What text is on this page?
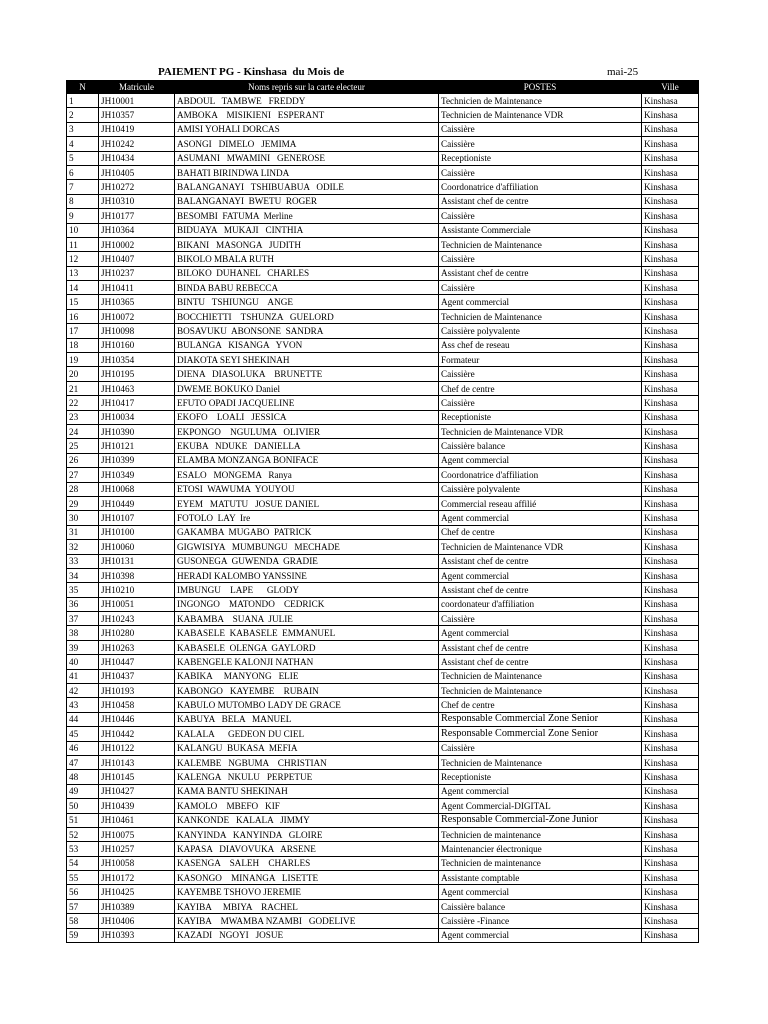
PAIEMENT PG - Kinshasa  du Mois de	mai-25
N	Matricule	Noms repris sur la carte electeur	POSTES	Ville
1	JH10001	ABDOUL   TAMBWE   FREDDY	Technicien de Maintenance	Kinshasa
2	JH10357	AMBOKA    MISIKIENI   ESPERANT	Technicien de Maintenance VDR	Kinshasa
3	JH10419	AMISI YOHALI DORCAS	Caissière	Kinshasa
4	JH10242	ASONGI   DIMELO   JEMIMA	Caissière	Kinshasa
5	JH10434	ASUMANI   MWAMINI   GENEROSE	Receptioniste	Kinshasa
6	JH10405	BAHATI BIRINDWA LINDA	Caissière	Kinshasa
7	JH10272	BALANGANAYI   TSHIBUABUA   ODILE	Coordonatrice d'affiliation	Kinshasa
8	JH10310	BALANGANAYI  BWETU  ROGER	Assistant chef de centre	Kinshasa
9	JH10177	BESOMBI  FATUMA  Merline	Caissière	Kinshasa
10	JH10364	BIDUAYA   MUKAJI   CINTHIA	Assistante Commerciale	Kinshasa
11	JH10002	BIKANI   MASONGA   JUDITH	Technicien de Maintenance	Kinshasa
12	JH10407	BIKOLO MBALA RUTH	Caissière	Kinshasa
13	JH10237	BILOKO  DUHANEL   CHARLES	Assistant chef de centre	Kinshasa
14	JH10411	BINDA BABU REBECCA	Caissière	Kinshasa
15	JH10365	BINTU   TSHIUNGU    ANGE	Agent commercial	Kinshasa
16	JH10072	BOCCHIETTI    TSHUNZA   GUELORD	Technicien de Maintenance	Kinshasa
17	JH10098	BOSAVUKU  ABONSONE  SANDRA	Caissière polyvalente	Kinshasa
18	JH10160	BULANGA   KISANGA   YVON	Ass chef de reseau	Kinshasa
19	JH10354	DIAKOTA SEYI SHEKINAH	Formateur	Kinshasa
20	JH10195	DIENA   DIASOLUKA    BRUNETTE	Caissière	Kinshasa
21	JH10463	DWEME BOKUKO Daniel	Chef de centre	Kinshasa
22	JH10417	EFUTO OPADI JACQUELINE	Caissière	Kinshasa
23	JH10034	EKOFO    LOALI   JESSICA	Receptioniste	Kinshasa
24	JH10390	EKPONGO    NGULUMA   OLIVIER	Technicien de Maintenance VDR	Kinshasa
25	JH10121	EKUBA   NDUKE   DANIELLA	Caissière balance	Kinshasa
26	JH10399	ELAMBA MONZANGA BONIFACE	Agent commercial	Kinshasa
27	JH10349	ESALO   MONGEMA   Ranya	Coordonatrice d'affiliation	Kinshasa
28	JH10068	ETOSI  WAWUMA  YOUYOU	Caissière polyvalente	Kinshasa
29	JH10449	EYEM   MATUTU   JOSUE DANIEL	Commercial reseau affilié	Kinshasa
30	JH10107	FOTOLO  LAY  Ire	Agent commercial	Kinshasa
31	JH10100	GAKAMBA  MUGABO  PATRICK	Chef de centre	Kinshasa
32	JH10060	GIGWISIYA   MUMBUNGU   MECHADE	Technicien de Maintenance VDR	Kinshasa
33	JH10131	GUSONEGA  GUWENDA  GRADIE	Assistant chef de centre	Kinshasa
34	JH10398	HERADI KALOMBO YANSSINE	Agent commercial	Kinshasa
35	JH10210	IMBUNGU    LAPE      GLODY	Assistant chef de centre	Kinshasa
36	JH10051	INGONGO    MATONDO    CEDRICK	coordonateur d'affiliation	Kinshasa
37	JH10243	KABAMBA    SUANA  JULIE	Caissière	Kinshasa
38	JH10280	KABASELE  KABASELE  EMMANUEL	Agent commercial	Kinshasa
39	JH10263	KABASELE  OLENGA  GAYLORD	Assistant chef de centre	Kinshasa
40	JH10447	KABENGELE KALONJI NATHAN	Assistant chef de centre	Kinshasa
41	JH10437	KABIKA     MANYONG   ELIE	Technicien de Maintenance	Kinshasa
42	JH10193	KABONGO   KAYEMBE    RUBAIN	Technicien de Maintenance	Kinshasa
43	JH10458	KABULO MUTOMBO LADY DE GRACE	Chef de centre	Kinshasa
44	JH10446	KABUYA   BELA   MANUEL	Responsable Commercial Zone Senior	Kinshasa
45	JH10442	KALALA      GEDEON DU CIEL	Responsable Commercial Zone Senior	Kinshasa
46	JH10122	KALANGU  BUKASA  MEFIA	Caissière	Kinshasa
47	JH10143	KALEMBE   NGBUMA    CHRISTIAN	Technicien de Maintenance	Kinshasa
48	JH10145	KALENGA   NKULU   PERPETUE	Receptioniste	Kinshasa
49	JH10427	KAMA BANTU SHEKINAH	Agent commercial	Kinshasa
50	JH10439	KAMOLO    MBEFO   KIF	Agent Commercial-DIGITAL	Kinshasa
51	JH10461	KANKONDE   KALALA   JIMMY	Responsable Commercial-Zone Junior	Kinshasa
52	JH10075	KANYINDA   KANYINDA   GLOIRE	Technicien de maintenance	Kinshasa
53	JH10257	KAPASA   DIAVOVUKA   ARSENE	Maintenancier électronique	Kinshasa
54	JH10058	KASENGA    SALEH    CHARLES	Technicien de maintenance	Kinshasa
55	JH10172	KASONGO    MINANGA   LISETTE	Assistante comptable	Kinshasa
56	JH10425	KAYEMBE TSHOVO JEREMIE	Agent commercial	Kinshasa
57	JH10389	KAYIBA     MBIYA    RACHEL	Caissière balance	Kinshasa
58	JH10406	KAYIBA    MWAMBA NZAMBI   GODELIVE	Caissière -Finance	Kinshasa
59	JH10393	KAZADI   NGOYI   JOSUE	Agent commercial	Kinshasa
